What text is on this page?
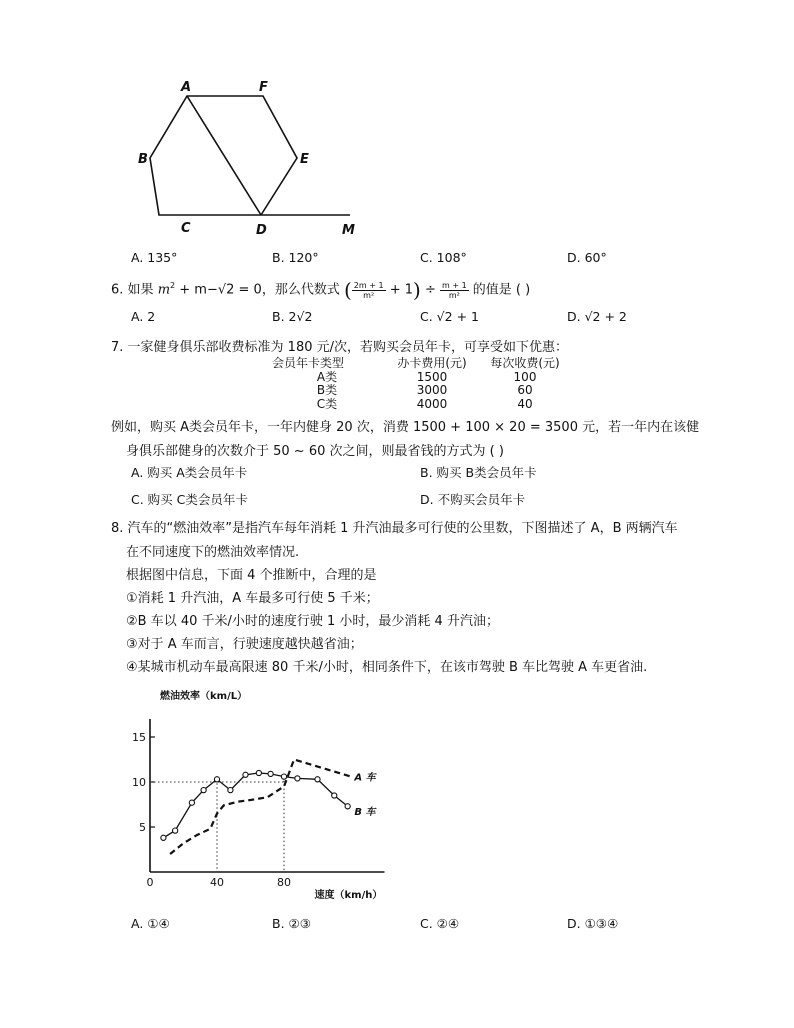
A	F
B	E
C	D	M
A. 135°	B. 120°	C. 108°	D. 60°
6. 如果 $m^2 + m-√2 = 0$，那么代数式 ( $\frac{2m + 1}{\text{m²}} + 1) \div \frac{m + 1}{\text{m²}}$ 的值是 ( )
A. 2	B. 2√2	C. √2 + 1	D. √2 + 2
7. 一家健身俱乐部收费标准为 180 元/次，若购买会员年卡，可享受如下优惠：
会员年卡类型	办卡费用(元)	每次收费(元)
A类	1500	100
B类	3000	60
C类	4000	40
例如，购买 A类会员年卡，一年内健身 20 次，消费 1500 + 100 × 20 = 3500 元，若一年内在该健
身俱乐部健身的次数介于 50 ~ 60 次之间，则最省钱的方式为 ( )
A. 购买 A类会员年卡	B. 购买 B类会员年卡
C. 购买 C类会员年卡	D. 不购买会员年卡
8. 汽车的“燃油效率”是指汽车每年消耗 1 升汽油最多可行使的公里数，下图描述了 A，B 两辆汽车
在不同速度下的燃油效率情况.
根据图中信息，下面 4 个推断中，合理的是
①消耗 1 升汽油，A 车最多可行使 5 千米；
②B 车以 40 千米/小时的速度行驶 1 小时，最少消耗 4 升汽油；
③对于 A 车而言，行驶速度越快越省油；
④某城市机动车最高限速 80 千米/小时，相同条件下，在该市驾驶 B 车比驾驶 A 车更省油.
5
10
15
0	40	80
燃油效率（km/L）
速度（km/h）
A 车
B 车
A. ①④	B. ②③	C. ②④	D. ①③④
